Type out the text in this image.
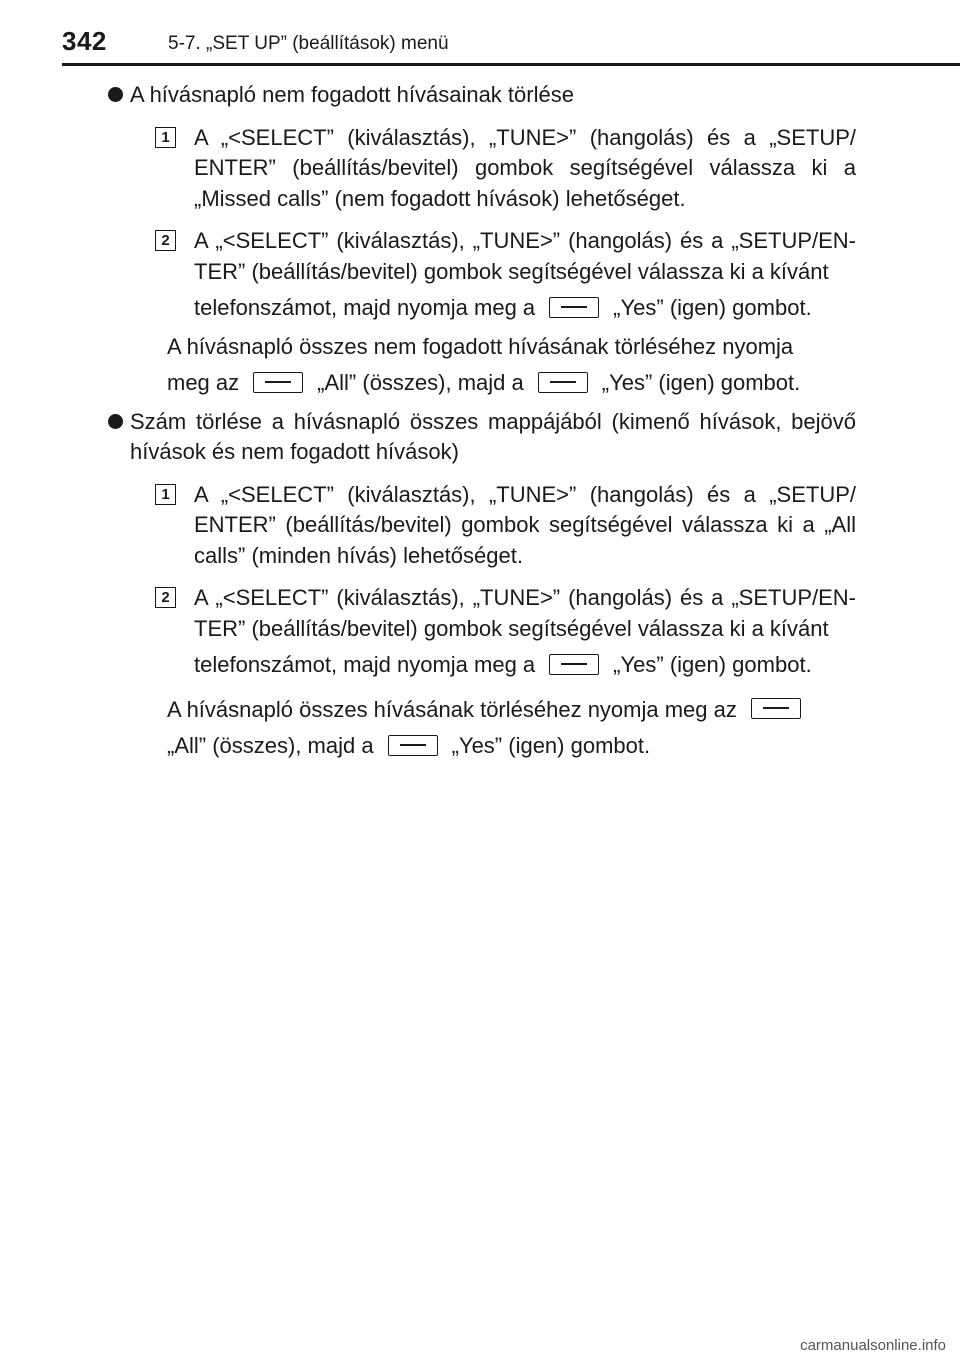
342	5-7. „SET UP” (beállítások) menü
A hívásnapló nem fogadott hívásainak törlése
1 A „<SELECT” (kiválasztás), „TUNE>” (hangolás) és a „SETUP/ ENTER” (beállítás/bevitel) gombok segítségével válassza ki a „Missed calls” (nem fogadott hívások) lehetőséget.
2 A „<SELECT” (kiválasztás), „TUNE>” (hangolás) és a „SETUP/EN- TER” (beállítás/bevitel) gombok segítségével válassza ki a kívánt
telefonszámot, majd nyomja meg a	„Yes” (igen) gombot.
A hívásnapló összes nem fogadott hívásának törléséhez nyomja
meg az	„All” (összes), majd a	„Yes” (igen) gombot.
Szám törlése a hívásnapló összes mappájából (kimenő hívások, bejövő hívások és nem fogadott hívások)
1 A „<SELECT” (kiválasztás), „TUNE>” (hangolás) és a „SETUP/ ENTER” (beállítás/bevitel) gombok segítségével válassza ki a „All calls” (minden hívás) lehetőséget.
2 A „<SELECT” (kiválasztás), „TUNE>” (hangolás) és a „SETUP/EN- TER” (beállítás/bevitel) gombok segítségével válassza ki a kívánt
telefonszámot, majd nyomja meg a	„Yes” (igen) gombot.
A hívásnapló összes hívásának törléséhez nyomja meg az
„All” (összes), majd a	„Yes” (igen) gombot.
carmanualsonline.info
